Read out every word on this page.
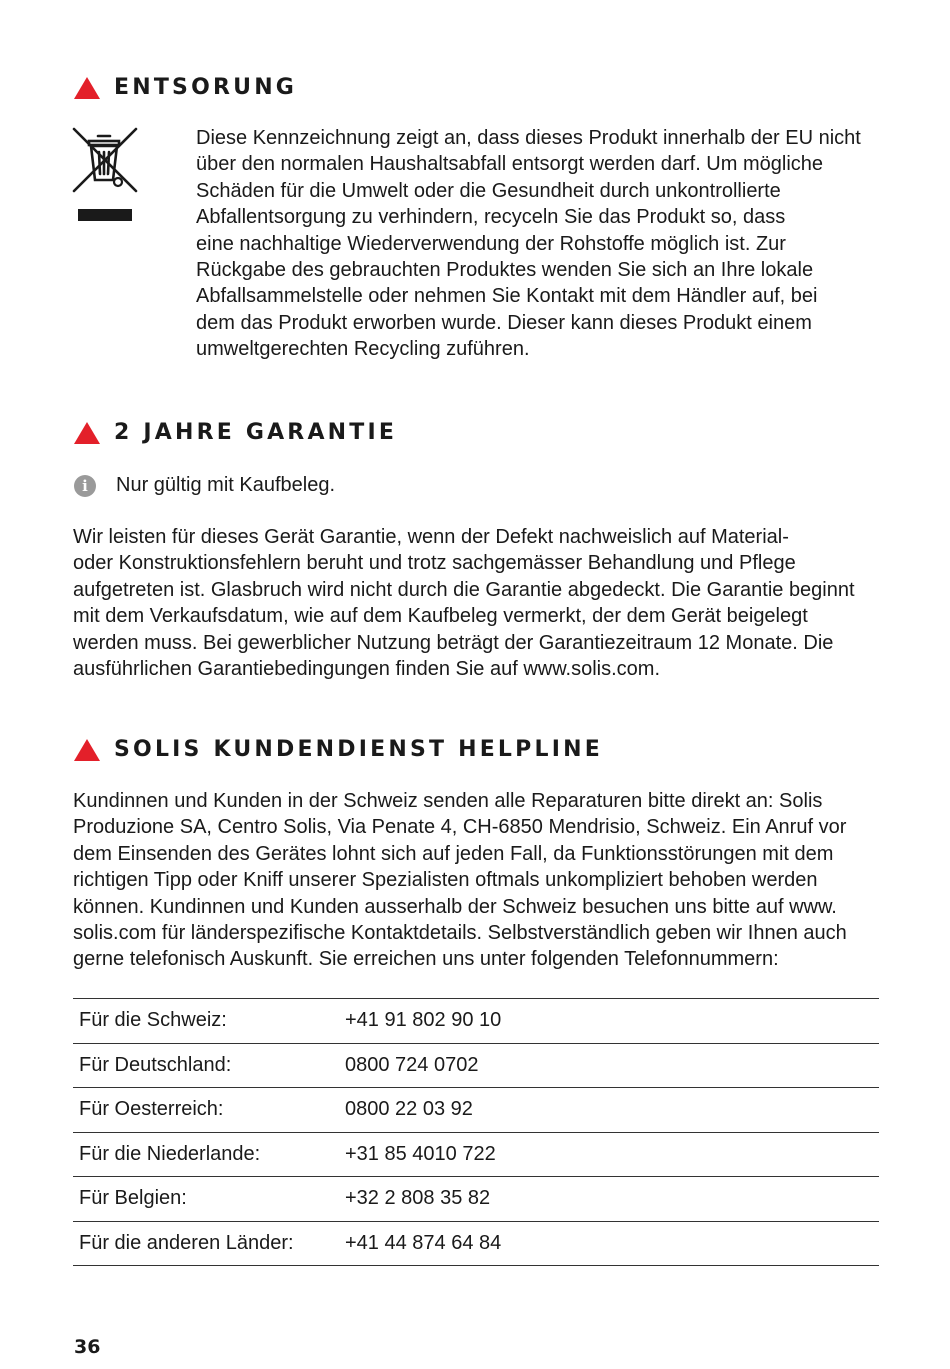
ENTSORUNG
Diese Kennzeichnung zeigt an, dass dieses Produkt innerhalb der EU nicht
über den normalen Haushaltsabfall entsorgt werden darf. Um mögliche
Schäden für die Umwelt oder die Gesundheit durch unkontrollierte
Abfallentsorgung zu verhindern, recyceln Sie das Produkt so, dass
eine nachhaltige Wiederverwendung der Rohstoffe möglich ist. Zur
Rückgabe des gebrauchten Produktes wenden Sie sich an Ihre lokale
Abfallsammelstelle oder nehmen Sie Kontakt mit dem Händler auf, bei
dem das Produkt erworben wurde. Dieser kann dieses Produkt einem
umweltgerechten Recycling zuführen.
2 JAHRE GARANTIE
i	Nur gültig mit Kaufbeleg.
Wir leisten für dieses Gerät Garantie, wenn der Defekt nachweislich auf Material-
oder Konstruktionsfehlern beruht und trotz sachgemässer Behandlung und Pflege
aufgetreten ist. Glasbruch wird nicht durch die Garantie abgedeckt. Die Garantie beginnt
mit dem Verkaufsdatum, wie auf dem Kaufbeleg vermerkt, der dem Gerät beigelegt
werden muss. Bei gewerblicher Nutzung beträgt der Garantiezeitraum 12 Monate. Die
ausführlichen Garantiebedingungen finden Sie auf www.solis.com.
SOLIS KUNDENDIENST HELPLINE
Kundinnen und Kunden in der Schweiz senden alle Reparaturen bitte direkt an: Solis
Produzione SA, Centro Solis, Via Penate 4, CH-6850 Mendrisio, Schweiz. Ein Anruf vor
dem Einsenden des Gerätes lohnt sich auf jeden Fall, da Funktionsstörungen mit dem
richtigen Tipp oder Kniff unserer Spezialisten oftmals unkompliziert behoben werden
können. Kundinnen und Kunden ausserhalb der Schweiz besuchen uns bitte auf www.
solis.com für länderspezifische Kontaktdetails. Selbstverständlich geben wir Ihnen auch
gerne telefonisch Auskunft. Sie erreichen uns unter folgenden Telefonnummern:
Für die Schweiz:	+41 91 802 90 10
Für Deutschland:	0800 724 0702
Für Oesterreich:	0800 22 03 92
Für die Niederlande:	+31 85 4010 722
Für Belgien:	+32 2 808 35 82
Für die anderen Länder:	+41 44 874 64 84
36
